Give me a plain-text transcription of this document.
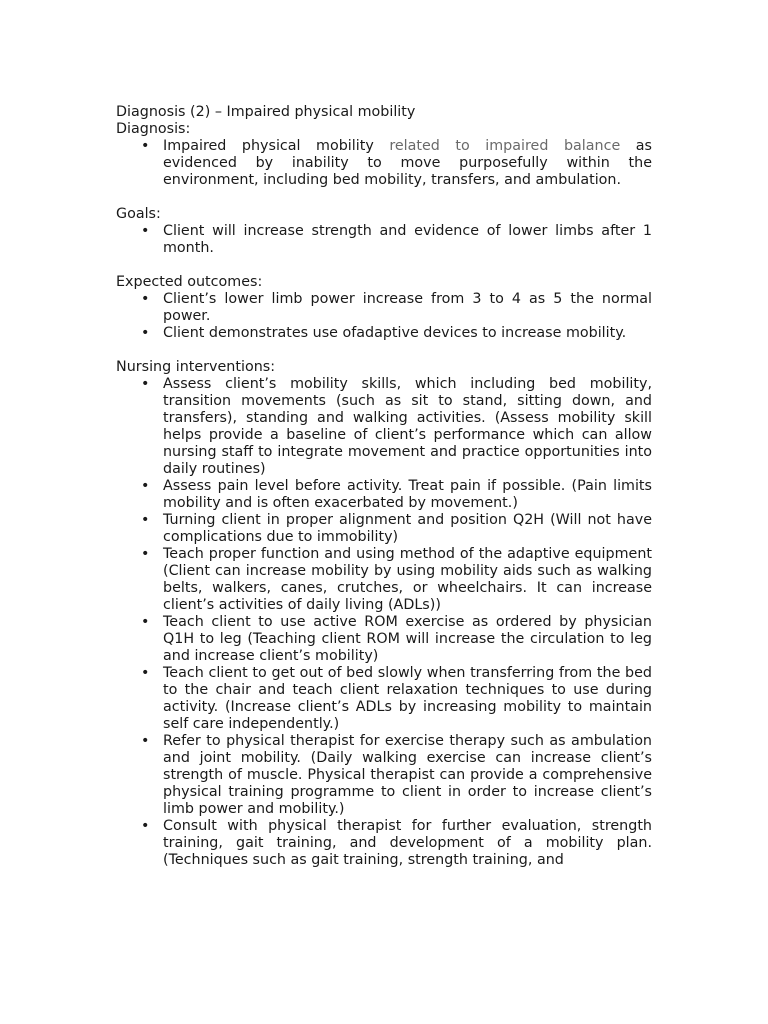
Diagnosis (2) – Impaired physical mobility
Diagnosis:
• Impaired physical mobility related to impaired balance as evidenced by inability to move purposefully within the environment, including bed mobility, transfers, and ambulation.
Goals:
• Client will increase strength and evidence of lower limbs after 1 month.
Expected outcomes:
• Client’s lower limb power increase from 3 to 4 as 5 the normal power.
• Client demonstrates use ofadaptive devices to increase mobility.
Nursing interventions:
• Assess client’s mobility skills, which including bed mobility, transition movements (such as sit to stand, sitting down, and transfers), standing and walking activities. (Assess mobility skill helps provide a baseline of client’s performance which can allow nursing staff to integrate movement and practice opportunities into daily routines)
• Assess pain level before activity. Treat pain if possible. (Pain limits mobility and is often exacerbated by movement.)
• Turning client in proper alignment and position Q2H (Will not have complications due to immobility)
• Teach proper function and using method of the adaptive equipment (Client can increase mobility by using mobility aids such as walking belts, walkers, canes, crutches, or wheelchairs. It can increase client’s activities of daily living (ADLs))
• Teach client to use active ROM exercise as ordered by physician Q1H to leg (Teaching client ROM will increase the circulation to leg and increase client’s mobility)
• Teach client to get out of bed slowly when transferring from the bed to the chair and teach client relaxation techniques to use during activity. (Increase client’s ADLs by increasing mobility to maintain self care independently.)
• Refer to physical therapist for exercise therapy such as ambulation and joint mobility. (Daily walking exercise can increase client’s strength of muscle. Physical therapist can provide a comprehensive physical training programme to client in order to increase client’s limb power and mobility.)
• Consult with physical therapist for further evaluation, strength training, gait training, and development of a mobility plan. (Techniques such as gait training, strength training, and
